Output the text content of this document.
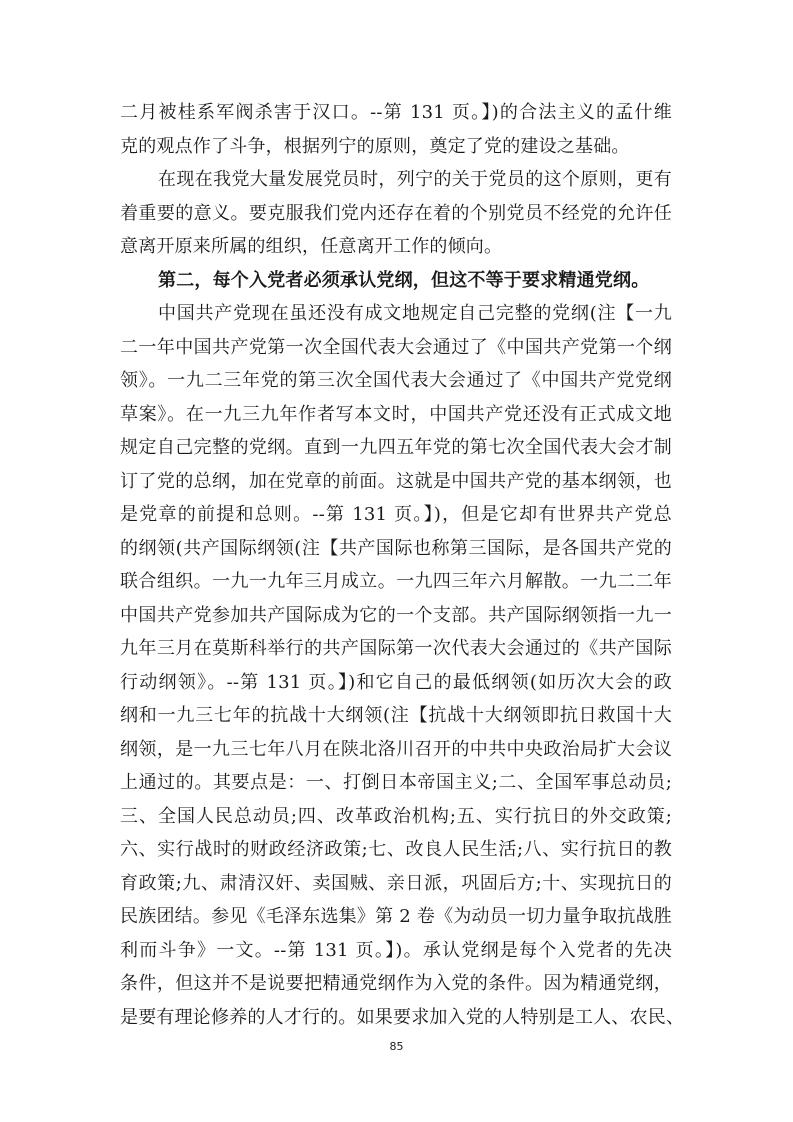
二月被桂系军阀杀害于汉口。--第 131 页。】)的合法主义的孟什维
克的观点作了斗争，根据列宁的原则，奠定了党的建设之基础。
在现在我党大量发展党员时，列宁的关于党员的这个原则，更有
着重要的意义。要克服我们党内还存在着的个别党员不经党的允许任
意离开原来所属的组织，任意离开工作的倾向。
第二，每个入党者必须承认党纲，但这不等于要求精通党纲。
中国共产党现在虽还没有成文地规定自己完整的党纲(注【一九
二一年中国共产党第一次全国代表大会通过了《中国共产党第一个纲
领》。一九二三年党的第三次全国代表大会通过了《中国共产党党纲
草案》。在一九三九年作者写本文时，中国共产党还没有正式成文地
规定自己完整的党纲。直到一九四五年党的第七次全国代表大会才制
订了党的总纲，加在党章的前面。这就是中国共产党的基本纲领，也
是党章的前提和总则。--第 131 页。】)，但是它却有世界共产党总
的纲领(共产国际纲领(注【共产国际也称第三国际，是各国共产党的
联合组织。一九一九年三月成立。一九四三年六月解散。一九二二年
中国共产党参加共产国际成为它的一个支部。共产国际纲领指一九一
九年三月在莫斯科举行的共产国际第一次代表大会通过的《共产国际
行动纲领》。--第 131 页。】)和它自己的最低纲领(如历次大会的政
纲和一九三七年的抗战十大纲领(注【抗战十大纲领即抗日救国十大
纲领，是一九三七年八月在陕北洛川召开的中共中央政治局扩大会议
上通过的。其要点是：一、打倒日本帝国主义;二、全国军事总动员;
三、全国人民总动员;四、改革政治机构;五、实行抗日的外交政策;
六、实行战时的财政经济政策;七、改良人民生活;八、实行抗日的教
育政策;九、肃清汉奸、卖国贼、亲日派，巩固后方;十、实现抗日的
民族团结。参见《毛泽东选集》第 2 卷《为动员一切力量争取抗战胜
利而斗争》一文。--第 131 页。】)。承认党纲是每个入党者的先决
条件，但这并不是说要把精通党纲作为入党的条件。因为精通党纲，
是要有理论修养的人才行的。如果要求加入党的人特别是工人、农民、
85
